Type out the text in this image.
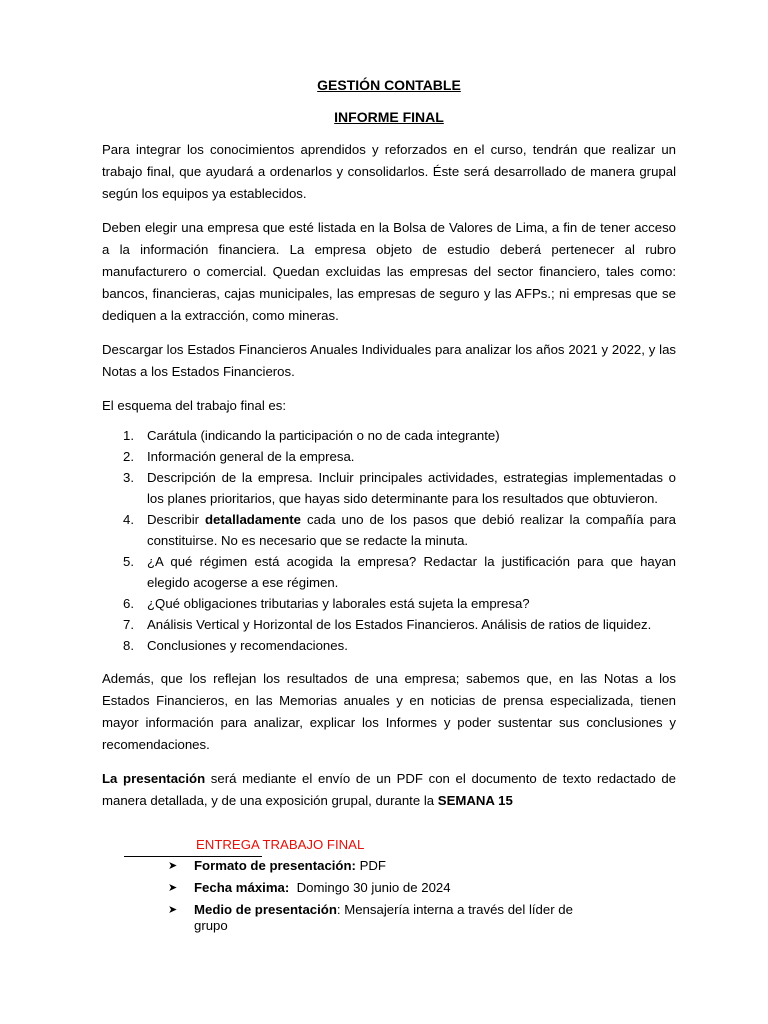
GESTIÓN CONTABLE
INFORME FINAL

Para integrar los conocimientos aprendidos y reforzados en el curso, tendrán que realizar un trabajo final, que ayudará a ordenarlos y consolidarlos. Éste será desarrollado de manera grupal según los equipos ya establecidos.

Deben elegir una empresa que esté listada en la Bolsa de Valores de Lima, a fin de tener acceso a la información financiera. La empresa objeto de estudio deberá pertenecer al rubro manufacturero o comercial. Quedan excluidas las empresas del sector financiero, tales como: bancos, financieras, cajas municipales, las empresas de seguro y las AFPs.; ni empresas que se dediquen a la extracción, como mineras.

Descargar los Estados Financieros Anuales Individuales para analizar los años 2021 y 2022, y las Notas a los Estados Financieros.

El esquema del trabajo final es:

1. Carátula (indicando la participación o no de cada integrante)
2. Información general de la empresa.
3. Descripción de la empresa. Incluir principales actividades, estrategias implementadas o los planes prioritarios, que hayas sido determinante para los resultados que obtuvieron.
4. Describir detalladamente cada uno de los pasos que debió realizar la compañía para constituirse. No es necesario que se redacte la minuta.
5. ¿A qué régimen está acogida la empresa? Redactar la justificación para que hayan elegido acogerse a ese régimen.
6. ¿Qué obligaciones tributarias y laborales está sujeta la empresa?
7. Análisis Vertical y Horizontal de los Estados Financieros. Análisis de ratios de liquidez.
8. Conclusiones y recomendaciones.

Además, que los reflejan los resultados de una empresa; sabemos que, en las Notas a los Estados Financieros, en las Memorias anuales y en noticias de prensa especializada, tienen mayor información para analizar, explicar los Informes y poder sustentar sus conclusiones y recomendaciones.

La presentación será mediante el envío de un PDF con el documento de texto redactado de manera detallada, y de una exposición grupal, durante la SEMANA 15

ENTREGA TRABAJO FINAL
➤ Formato de presentación: PDF
➤ Fecha máxima:  Domingo 30 junio de 2024
➤ Medio de presentación: Mensajería interna a través del líder de grupo
